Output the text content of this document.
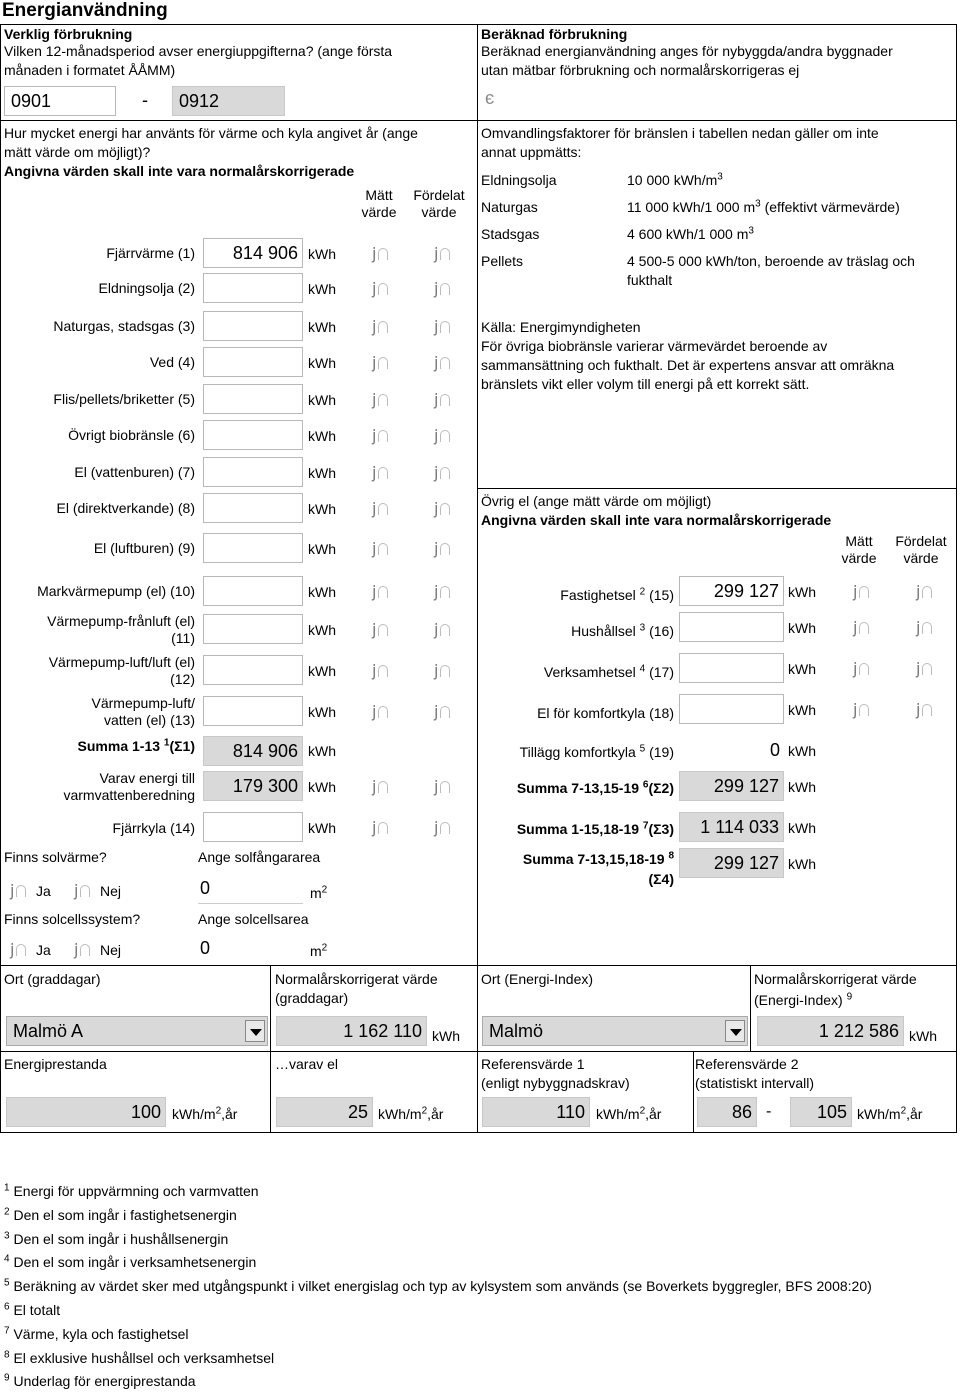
Energianvändning
Verklig förbrukning
Vilken 12-månadsperiod avser energiuppgifterna? (ange första
månaden i formatet ÅÅMM)
0901	- 0912
Hur mycket energi har använts för värme och kyla angivet år (ange
mätt värde om möjligt)?
Angivna värden skall inte vara normalårskorrigerade
Mätt
värde
Fördelat
värde
Fjärrvärme (1) 814 906 kWh j	j
Eldningsolja (2)	kWh j	j
Naturgas, stadsgas (3)	kWh j	j
Ved (4)	kWh j	j
Flis/pellets/briketter (5)	kWh j	j
Övrigt biobränsle (6)	kWh j	j
El (vattenburen) (7)	kWh j	j
El (direktverkande) (8)	kWh j	j
El (luftburen) (9)	kWh j	j
Markvärmepump (el) (10)	kWh j	j
Värmepump-frånluft (el)
(11)	kWh j	j
Värmepump-luft/luft (el)
(12)	kWh j	j
Värmepump-luft/
vatten (el) (13)	kWh j	j
Summa 1-13 $^1$(Σ1) 814 906 kWh
Varav energi till
varmvattenberedning 179 300 kWh j	j
Fjärrkyla (14)	kWh j	j
Finns solvärme?	Ange solfångararea
j Ja j Nej	0	$m^2$
Finns solcellssystem?	Ange solcellsarea
j Ja j Nej	0	$m^2$
Beräknad förbrukning
Beräknad energianvändning anges för nybyggda/andra byggnader
utan mätbar förbrukning och normalårskorrigeras ej
є
Omvandlingsfaktorer för bränslen i tabellen nedan gäller om inte
annat uppmätts:
Eldningsolja	10 000 kWh/$m^3$
Naturgas	11 000 kWh/1 000 $m^3$ (effektivt värmevärde)
Stadsgas	4 600 kWh/1 000 $m^3$
Pellets	4 500-5 000 kWh/ton, beroende av träslag och
fukthalt
Källa: Energimyndigheten
För övriga biobränsle varierar värmevärdet beroende av
sammansättning och fukthalt. Det är expertens ansvar att omräkna
bränslets vikt eller volym till energi på ett korrekt sätt.
Övrig el (ange mätt värde om möjligt)
Angivna värden skall inte vara normalårskorrigerade
Mätt
värde
Fördelat
värde
Fastighetsel $^2$ (15) 299 127 kWh j	j
Hushållsel $^3$ (16)	kWh j	j
Verksamhetsel $^4$ (17)	kWh j	j
El för komfortkyla (18)	kWh j	j
Tillägg komfortkyla $^5$ (19)	0 kWh
Summa 7-13,15-19 $^6$(Σ2) 299 127 kWh
Summa 1-15,18-19 $^7$(Σ3) 1 114 033 kWh
Summa 7-13,15,18-19 $^8$
(Σ4)
299 127 kWh
Ort (graddagar)	Normalårskorrigerat värde
(graddagar)
Malmö A	1 162 110 kWh
Ort (Energi-Index)	Normalårskorrigerat värde
(Energi-Index) $^9$
Malmö	1 212 586 kWh
Energiprestanda	…varav el	Referensvärde 1
(enligt nybyggnadskrav)
Referensvärde 2
(statistiskt intervall)
100 kWh/$m^2,år$	25 kWh/$m^2,år$	110 kWh/$m^2,år$	86 -	105 kWh/$m^2,år$
$^1$ Energi för uppvärmning och varmvatten
$^2$ Den el som ingår i fastighetsenergin
$^3$ Den el som ingår i hushållsenergin
$^4$ Den el som ingår i verksamhetsenergin
$^5$ Beräkning av värdet sker med utgångspunkt i vilket energislag och typ av kylsystem som används (se Boverkets byggregler, BFS 2008:20)
$^6$ El totalt
$^7$ Värme, kyla och fastighetsel
$^8$ El exklusive hushållsel och verksamhetsel
$^9$ Underlag för energiprestanda
